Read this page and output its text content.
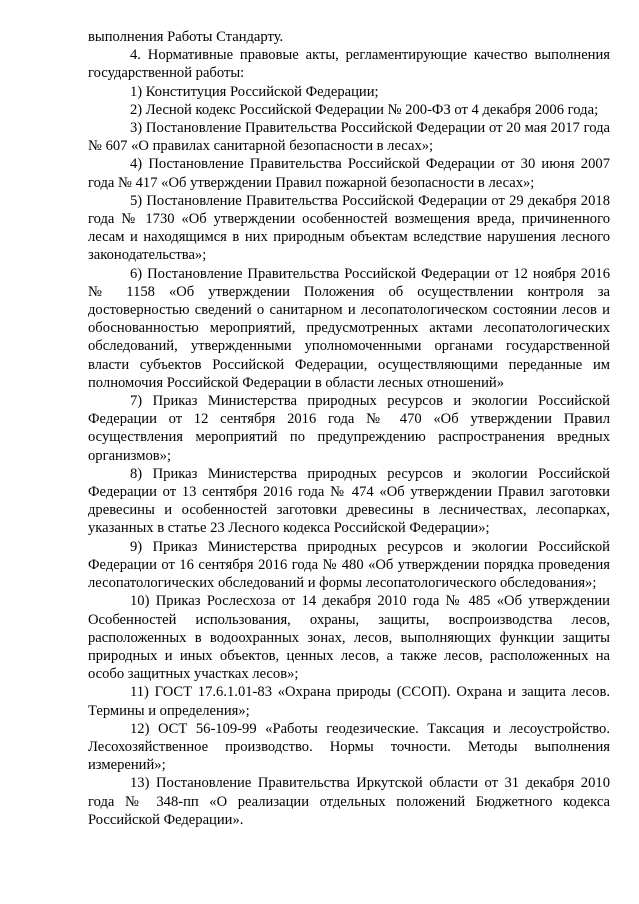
выполнения Работы Стандарту.

4. Нормативные правовые акты, регламентирующие качество выполнения государственной работы:

1) Конституция Российской Федерации;

2) Лесной кодекс Российской Федерации № 200-ФЗ от 4 декабря 2006 года;

3) Постановление Правительства Российской Федерации от 20 мая 2017 года № 607 «О правилах санитарной безопасности в лесах»;

4) Постановление Правительства Российской Федерации от 30 июня 2007 года № 417 «Об утверждении Правил пожарной безопасности в лесах»;

5) Постановление Правительства Российской Федерации от 29 декабря 2018 года № 1730 «Об утверждении особенностей возмещения вреда, причиненного лесам и находящимся в них природным объектам вследствие нарушения лесного законодательства»;

6) Постановление Правительства Российской Федерации от 12 ноября 2016 № 1158 «Об утверждении Положения об осуществлении контроля за достоверностью сведений о санитарном и лесопатологическом состоянии лесов и обоснованностью мероприятий, предусмотренных актами лесопатологических обследований, утвержденными уполномоченными органами государственной власти субъектов Российской Федерации, осуществляющими переданные им полномочия Российской Федерации в области лесных отношений»

7) Приказ Министерства природных ресурсов и экологии Российской Федерации от 12 сентября 2016 года № 470 «Об утверждении Правил осуществления мероприятий по предупреждению распространения вредных организмов»;

8) Приказ Министерства природных ресурсов и экологии Российской Федерации от 13 сентября 2016 года № 474 «Об утверждении Правил заготовки древесины и особенностей заготовки древесины в лесничествах, лесопарках, указанных в статье 23 Лесного кодекса Российской Федерации»;

9) Приказ Министерства природных ресурсов и экологии Российской Федерации от 16 сентября 2016 года № 480 «Об утверждении порядка проведения лесопатологических обследований и формы лесопатологического обследования»;

10) Приказ Рослесхоза от 14 декабря 2010 года № 485 «Об утверждении Особенностей использования, охраны, защиты, воспроизводства лесов, расположенных в водоохранных зонах, лесов, выполняющих функции защиты природных и иных объектов, ценных лесов, а также лесов, расположенных на особо защитных участках лесов»;

11) ГОСТ 17.6.1.01-83 «Охрана природы (ССОП). Охрана и защита лесов. Термины и определения»;

12) ОСТ 56-109-99 «Работы геодезические. Таксация и лесоустройство. Лесохозяйственное производство. Нормы точности. Методы выполнения измерений»;

13) Постановление Правительства Иркутской области от 31 декабря 2010 года № 348-пп «О реализации отдельных положений Бюджетного кодекса Российской Федерации».
